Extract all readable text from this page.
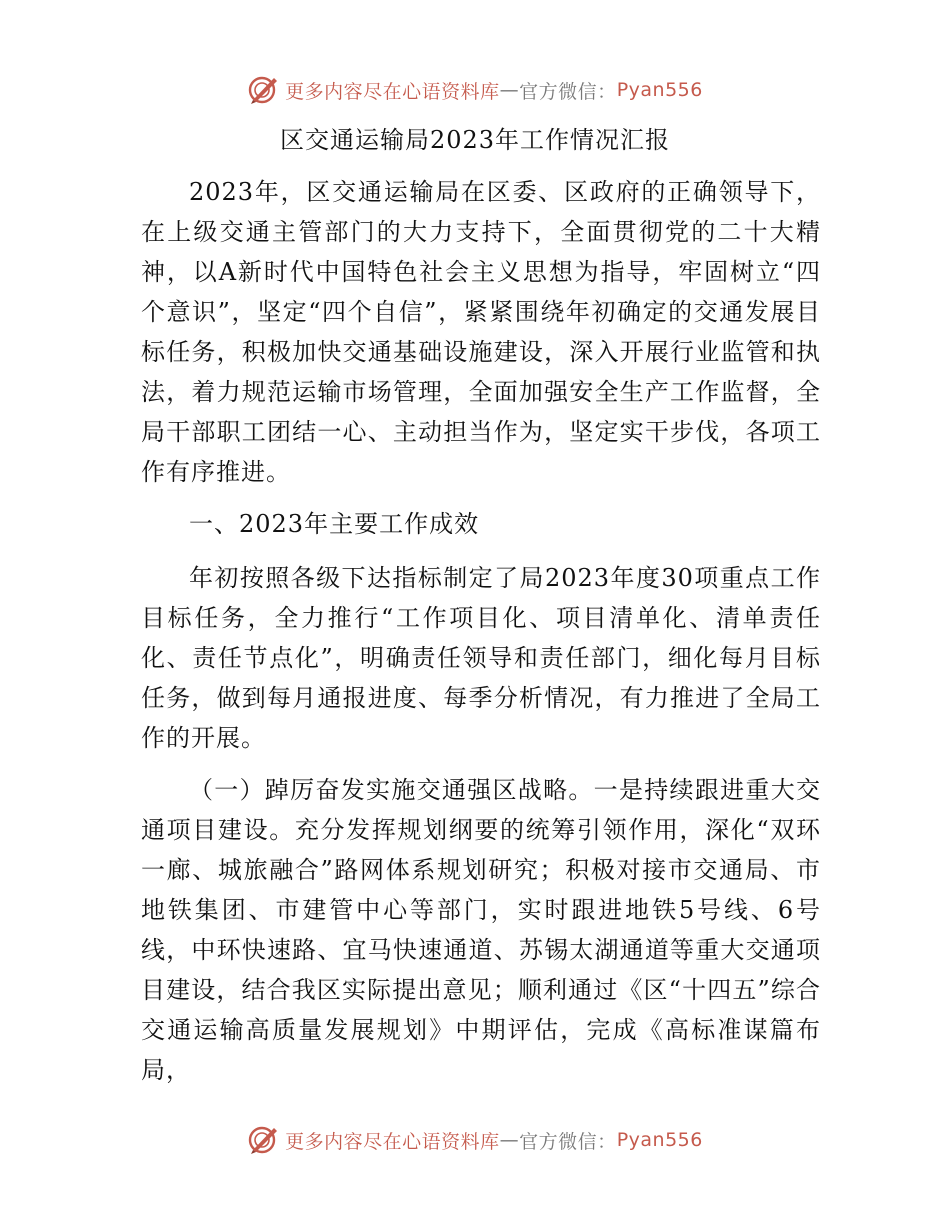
更多内容尽在心语资料库 — 官方微信： Pyan556
区交通运输局2023年工作情况汇报

2023年，区交通运输局在区委、区政府的正确领导下，在上级交通主管部门的大力支持下，全面贯彻党的二十大精神，以A新时代中国特色社会主义思想为指导，牢固树立“四个意识”，坚定“四个自信”，紧紧围绕年初确定的交通发展目标任务，积极加快交通基础设施建设，深入开展行业监管和执法，着力规范运输市场管理，全面加强安全生产工作监督，全局干部职工团结一心、主动担当作为，坚定实干步伐，各项工作有序推进。

一、2023年主要工作成效

年初按照各级下达指标制定了局2023年度30项重点工作目标任务，全力推行“工作项目化、项目清单化、清单责任化、责任节点化”，明确责任领导和责任部门，细化每月目标任务，做到每月通报进度、每季分析情况，有力推进了全局工作的开展。

（一）踔厉奋发实施交通强区战略。一是持续跟进重大交通项目建设。充分发挥规划纲要的统筹引领作用，深化“双环一廊、城旅融合”路网体系规划研究；积极对接市交通局、市地铁集团、市建管中心等部门，实时跟进地铁5号线、6号线，中环快速路、宜马快速通道、苏锡太湖通道等重大交通项目建设，结合我区实际提出意见；顺利通过《区“十四五”综合交通运输高质量发展规划》中期评估，完成《高标准谋篇布局，

更多内容尽在心语资料库 — 官方微信： Pyan556
